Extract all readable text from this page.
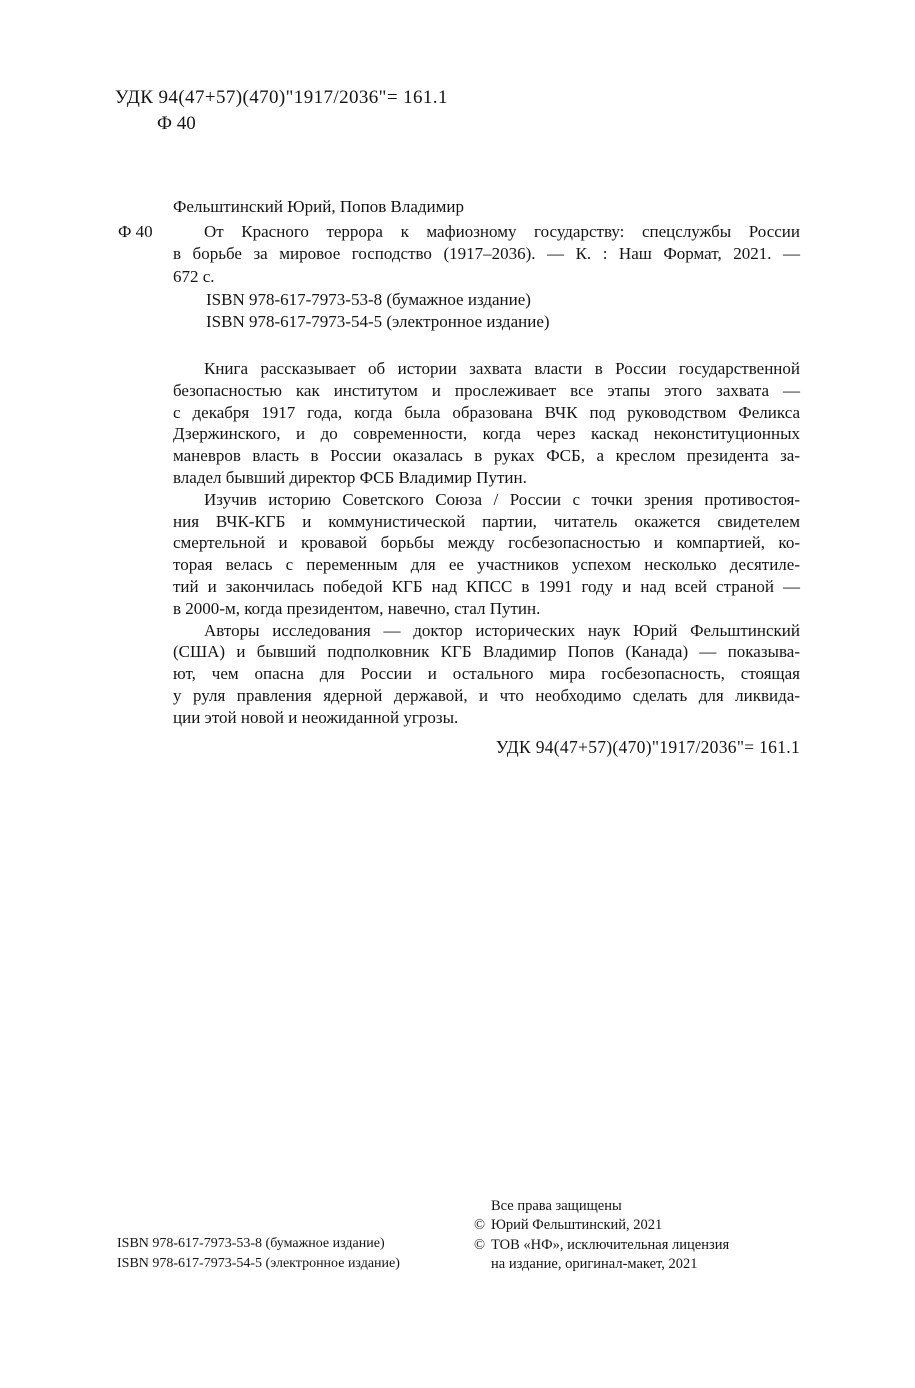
УДК 94(47+57)(470)"1917/2036"= 161.1
Ф 40
Фельштинский Юрий, Попов Владимир
Ф 40	От Красного террора к мафиозному государству: спецслужбы России
в борьбе за мировое господство (1917–2036). — К. : Наш Формат, 2021. —
672 с.
ISBN 978-617-7973-53-8 (бумажное издание)
ISBN 978-617-7973-54-5 (электронное издание)
Книга рассказывает об истории захвата власти в России государственной
безопасностью как институтом и прослеживает все этапы этого захвата —
с декабря 1917 года, когда была образована ВЧК под руководством Феликса
Дзержинского, и до современности, когда через каскад неконституционных
маневров власть в России оказалась в руках ФСБ, а креслом президента за-
владел бывший директор ФСБ Владимир Путин.
Изучив историю Советского Союза / России с точки зрения противостоя-
ния ВЧК-КГБ и коммунистической партии, читатель окажется свидетелем
смертельной и кровавой борьбы между госбезопасностью и компартией, ко-
торая велась с переменным для ее участников успехом несколько десятиле-
тий и закончилась победой КГБ над КПСС в 1991 году и над всей страной —
в 2000-м, когда президентом, навечно, стал Путин.
Авторы исследования — доктор исторических наук Юрий Фельштинский
(США) и бывший подполковник КГБ Владимир Попов (Канада) — показыва-
ют, чем опасна для России и остального мира госбезопасность, стоящая
у руля правления ядерной державой, и что необходимо сделать для ликвида-
ции этой новой и неожиданной угрозы.
УДК 94(47+57)(470)"1917/2036"= 161.1
ISBN 978-617-7973-53-8 (бумажное издание)
ISBN 978-617-7973-54-5 (электронное издание)
Все права защищены
© Юрий Фельштинский, 2021
© ТОВ «НФ», исключительная лицензия
на издание, оригинал-макет, 2021
